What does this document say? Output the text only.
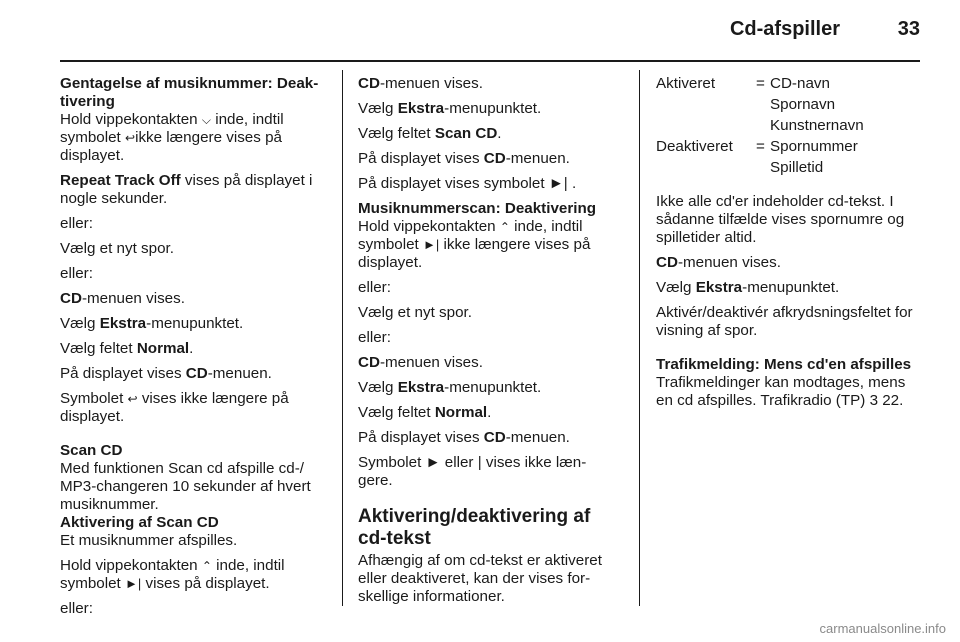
Cd-afspiller	33
Gentagelse af musiknummer: Deak-tivering

Hold vippekontakten ⌵ inde, indtil symbolet ↩ikke længere vises på displayet.

Repeat Track Off vises på displayet i nogle sekunder.

eller:

Vælg et nyt spor.

eller:

CD-menuen vises.

Vælg Ekstra-menupunktet.

Vælg feltet Normal.

På displayet vises CD-menuen.

Symbolet ↩ vises ikke længere på displayet.

Scan CD
Med funktionen Scan cd afspille cd-/ MP3-changeren 10 sekunder af hvert musiknummer.
Aktivering af Scan CD

Et musiknummer afspilles.

Hold vippekontakten ⌃ inde, indtil symbolet ►| vises på displayet.

eller:

CD-menuen vises.

Vælg Ekstra-menupunktet.

Vælg feltet Scan CD.

På displayet vises CD-menuen.

På displayet vises symbolet ►| .

Musiknummerscan: Deaktivering

Hold vippekontakten ⌃ inde, indtil symbolet ►| ikke længere vises på displayet.

eller:

Vælg et nyt spor.

eller:

CD-menuen vises.

Vælg Ekstra-menupunktet.

Vælg feltet Normal.

På displayet vises CD-menuen.

Symbolet ► eller | vises ikke læn-gere.

Aktivering/deaktivering af cd-tekst
Afhængig af om cd-tekst er aktiveret eller deaktiveret, kan der vises for-skellige informationer.
Aktiveret	= CD-navn
Spornavn
Kunstnernavn
Deaktiveret	= Spornummer
Spilletid

Ikke alle cd'er indeholder cd-tekst. I sådanne tilfælde vises spornumre og spilletider altid.

CD-menuen vises.

Vælg Ekstra-menupunktet.

Aktivér/deaktivér afkrydsningsfeltet for visning af spor.

Trafikmelding: Mens cd'en afspilles
Trafikmeldinger kan modtages, mens en cd afspilles. Trafikradio (TP) 3 22.
carmanualsonline.info
